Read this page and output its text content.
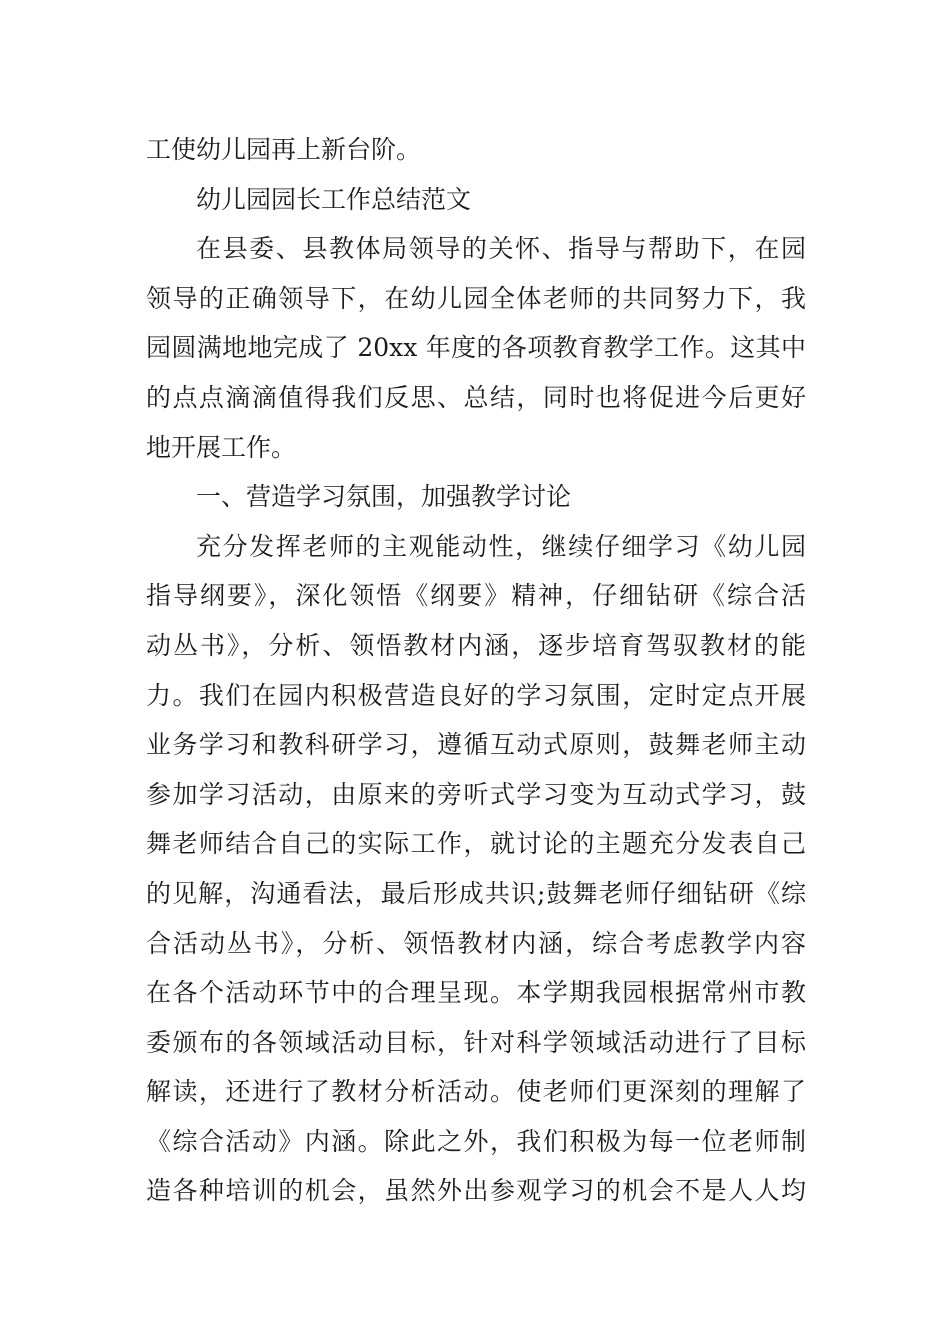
工使幼儿园再上新台阶。
幼儿园园长工作总结范文
在县委、县教体局领导的关怀、指导与帮助下，在园
领导的正确领导下，在幼儿园全体老师的共同努力下，我
园圆满地地完成了 20xx 年度的各项教育教学工作。这其中
的点点滴滴值得我们反思、总结，同时也将促进今后更好
地开展工作。
一、营造学习氛围，加强教学讨论
充分发挥老师的主观能动性，继续仔细学习《幼儿园
指导纲要》，深化领悟《纲要》精神，仔细钻研《综合活
动丛书》，分析、领悟教材内涵，逐步培育驾驭教材的能
力。我们在园内积极营造良好的学习氛围，定时定点开展
业务学习和教科研学习，遵循互动式原则，鼓舞老师主动
参加学习活动，由原来的旁听式学习变为互动式学习，鼓
舞老师结合自己的实际工作，就讨论的主题充分发表自己
的见解，沟通看法，最后形成共识;鼓舞老师仔细钻研《综
合活动丛书》，分析、领悟教材内涵，综合考虑教学内容
在各个活动环节中的合理呈现。本学期我园根据常州市教
委颁布的各领域活动目标，针对科学领域活动进行了目标
解读，还进行了教材分析活动。使老师们更深刻的理解了
《综合活动》内涵。除此之外，我们积极为每一位老师制
造各种培训的机会，虽然外出参观学习的机会不是人人均
